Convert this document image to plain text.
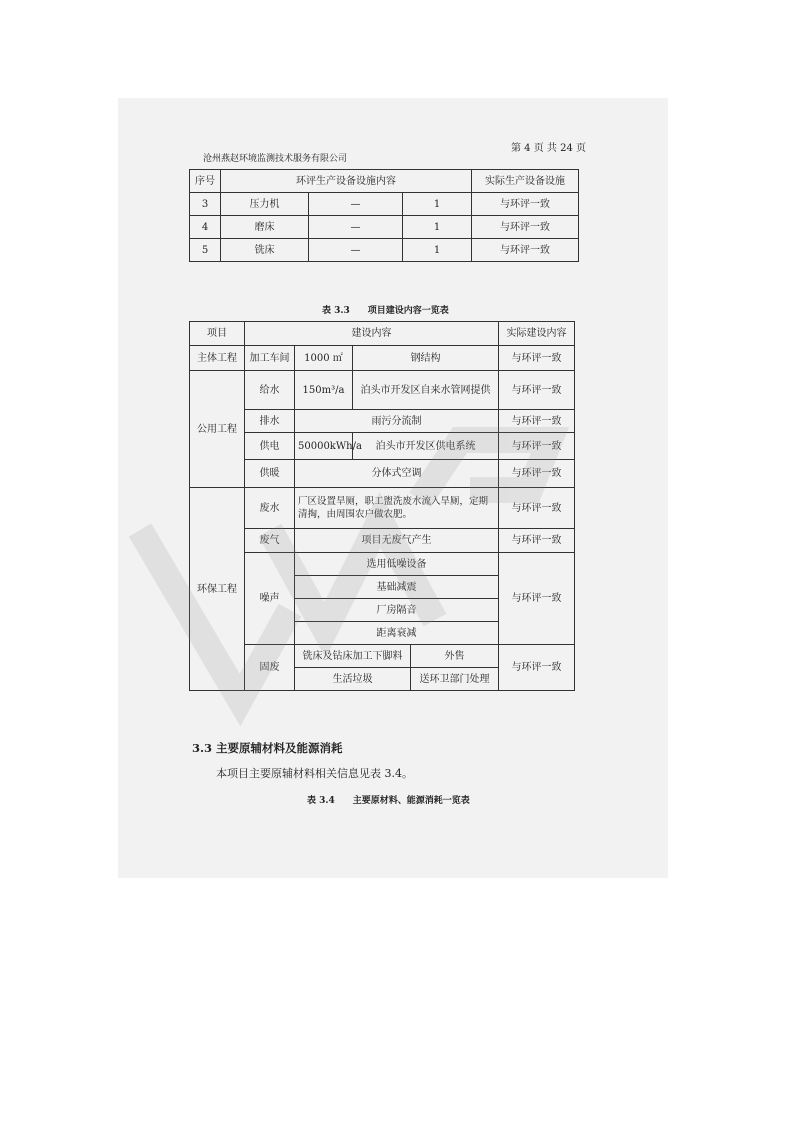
第 4 页 共 24 页
沧州燕赵环境监测技术服务有限公司
序号	环评生产设备设施内容			实际生产设备设施
3	压力机	—	1	与环评一致
4	磨床	—	1	与环评一致
5	铣床	—	1	与环评一致
表 3.3　　项目建设内容一览表
项目	建设内容				实际建设内容
主体工程	加工车间	1000 ㎡	钢结构		与环评一致
公用工程	给水	150m³/a	泊头市开发区自来水管网提供		与环评一致
	排水	雨污分流制			与环评一致
	供电	50000kWh/a	泊头市开发区供电系统		与环评一致
	供暖	分体式空调			与环评一致
环保工程	废水	厂区设置旱厕，职工盥洗废水流入旱厕，定期清掏，由周围农户做农肥。			与环评一致
	废气	项目无废气产生			与环评一致
	噪声	选用低噪设备			与环评一致
		基础减震			
		厂房隔音			
		距离衰减			
	固废	铣床及钻床加工下脚料		外售	与环评一致
		生活垃圾		送环卫部门处理	
3.3 主要原辅材料及能源消耗
本项目主要原辅材料相关信息见表 3.4。
表 3.4　　主要原材料、能源消耗一览表
